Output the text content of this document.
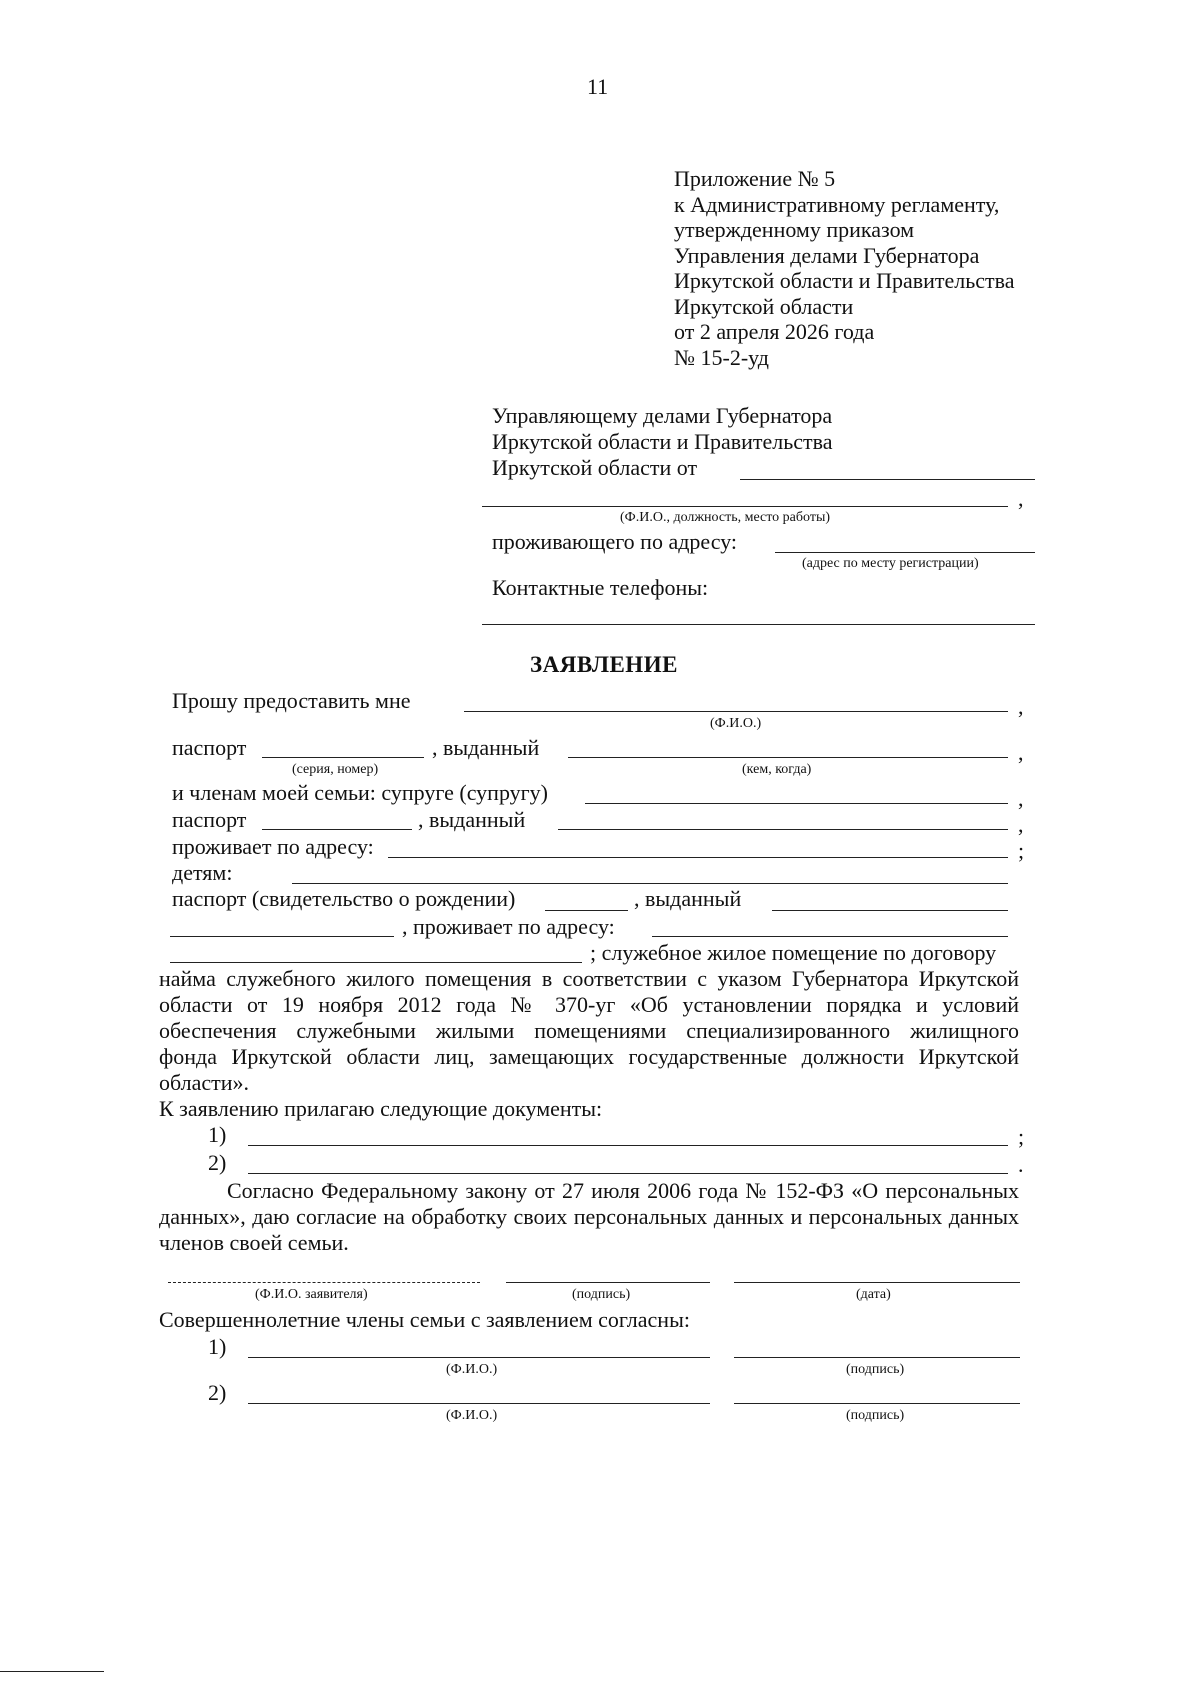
11
Приложение № 5
к Административному регламенту,
утвержденному приказом
Управления делами Губернатора
Иркутской области и Правительства
Иркутской области
от 2 апреля 2026 года
№ 15-2-уд
Управляющему делами Губернатора
Иркутской области и Правительства
Иркутской области от
,
(Ф.И.О., должность, место работы)
проживающего по адресу:
(адрес по месту регистрации)
Контактные телефоны:
ЗАЯВЛЕНИЕ
Прошу предоставить мне	,
(Ф.И.О.)
паспорт	, выданный	,
(серия, номер)	(кем, когда)
и членам моей семьи: супруге (супругу)	,
паспорт	, выданный	,
проживает по адресу:	;
детям:
паспорт (свидетельство о рождении)	, выданный
, проживает по адресу:
; служебное жилое помещение по договору
найма служебного жилого помещения в соответствии с указом Губернатора Иркутской
области от 19 ноября 2012 года № 370-уг «Об установлении порядка и условий
обеспечения служебными жилыми помещениями специализированного жилищного
фонда Иркутской области лиц, замещающих государственные должности Иркутской
области».
К заявлению прилагаю следующие документы:
1)	;
2)	.
Согласно Федеральному закону от 27 июля 2006 года № 152-ФЗ «О персональных
данных», даю согласие на обработку своих персональных данных и персональных данных
членов своей семьи.
(Ф.И.О. заявителя)	(подпись)	(дата)
Совершеннолетние члены семьи с заявлением согласны:
1)
(Ф.И.О.)	(подпись)
2)
(Ф.И.О.)	(подпись)
